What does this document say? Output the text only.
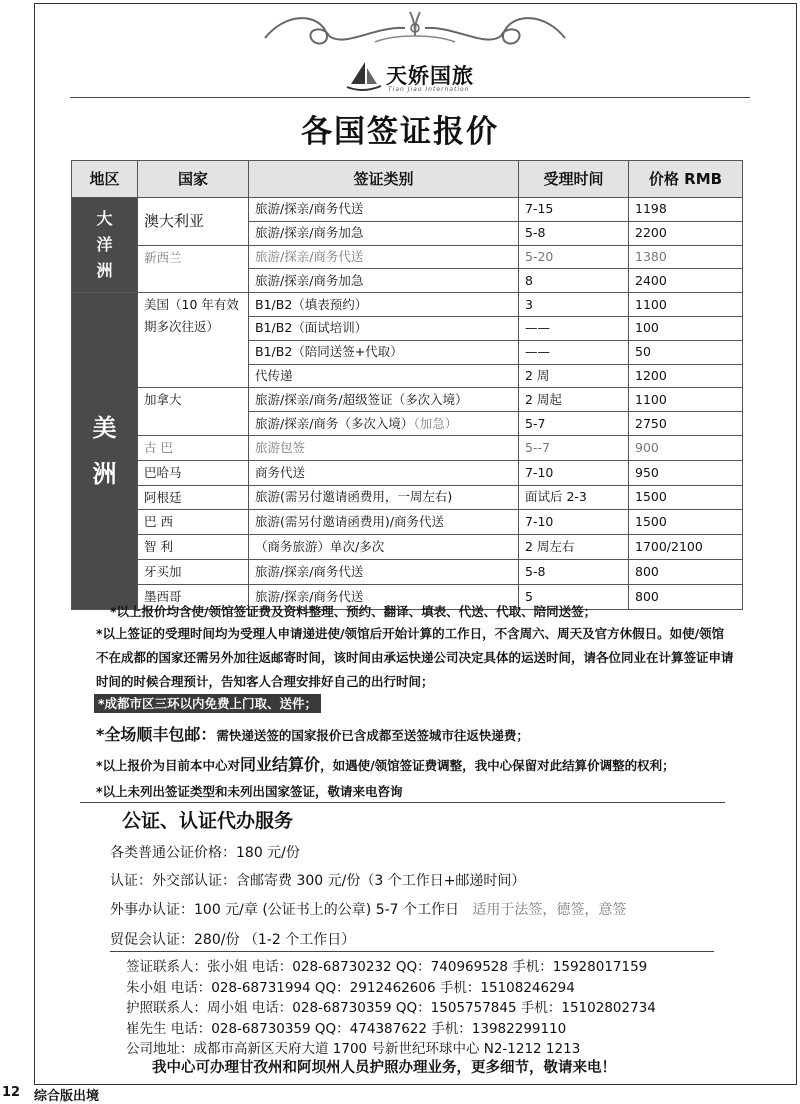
天娇国旅
Tian Jiao Internation
各国签证报价
地区	国家	签证类别	受理时间	价格 RMB

大洋洲	澳大利亚	旅游/探亲/商务代送	7-15	1198
		旅游/探亲/商务加急	5-8	2200
	新西兰	旅游/探亲/商务代送	5-20	1380
		旅游/探亲/商务加急	8	2400

美洲	美国（10 年有效期多次往返）	B1/B2（填表预约）	3	1100
		B1/B2（面试培训）	——	100
		B1/B2（陪同送签+代取）	——	50
		代传递	2 周	1200
	加拿大	旅游/探亲/商务/超级签证（多次入境）	2 周起	1100
		旅游/探亲/商务（多次入境）（加急）	5-7	2750
	古 巴	旅游包签	5--7	900
	巴哈马	商务代送	7-10	950
	阿根廷	旅游(需另付邀请函费用，一周左右)	面试后 2-3	1500
	巴 西	旅游(需另付邀请函费用)/商务代送	7-10	1500
	智 利	（商务旅游）单次/多次	2 周左右	1700/2100
	牙买加	旅游/探亲/商务代送	5-8	800
	墨西哥	旅游/探亲/商务代送	5	800
*以上报价均含使/领馆签证费及资料整理、预约、翻译、填表、代送、代取、陪同送签；
*以上签证的受理时间均为受理人申请递进使/领馆后开始计算的工作日，不含周六、周天及官方休假日。如使/领馆不在成都的国家还需另外加往返邮寄时间，该时间由承运快递公司决定具体的运送时间，请各位同业在计算签证申请时间的时候合理预计，告知客人合理安排好自己的出行时间；
*成都市区三环以内免费上门取、送件；
*全场顺丰包邮：需快递送签的国家报价已含成都至送签城市往返快递费；
*以上报价为目前本中心对同业结算价，如遇使/领馆签证费调整，我中心保留对此结算价调整的权利；
*以上未列出签证类型和未列出国家签证，敬请来电咨询
公证、认证代办服务
各类普通公证价格：180 元/份
认证：外交部认证：含邮寄费 300 元/份（3 个工作日+邮递时间）
外事办认证：100 元/章 (公证书上的公章) 5-7 个工作日 适用于法签，德签，意签
贸促会认证：280/份 （1-2 个工作日）
签证联系人：张小姐 电话：028-68730232 QQ：740969528 手机：15928017159
朱小姐 电话：028-68731994 QQ：2912462606 手机：15108246294
护照联系人：周小姐 电话：028-68730359 QQ：1505757845 手机：15102802734
崔先生 电话：028-68730359 QQ：474387622 手机：13982299110
公司地址：成都市高新区天府大道 1700 号新世纪环球中心 N2-1212 1213
我中心可办理甘孜州和阿坝州人员护照办理业务，更多细节，敬请来电！
12 综合版出境
